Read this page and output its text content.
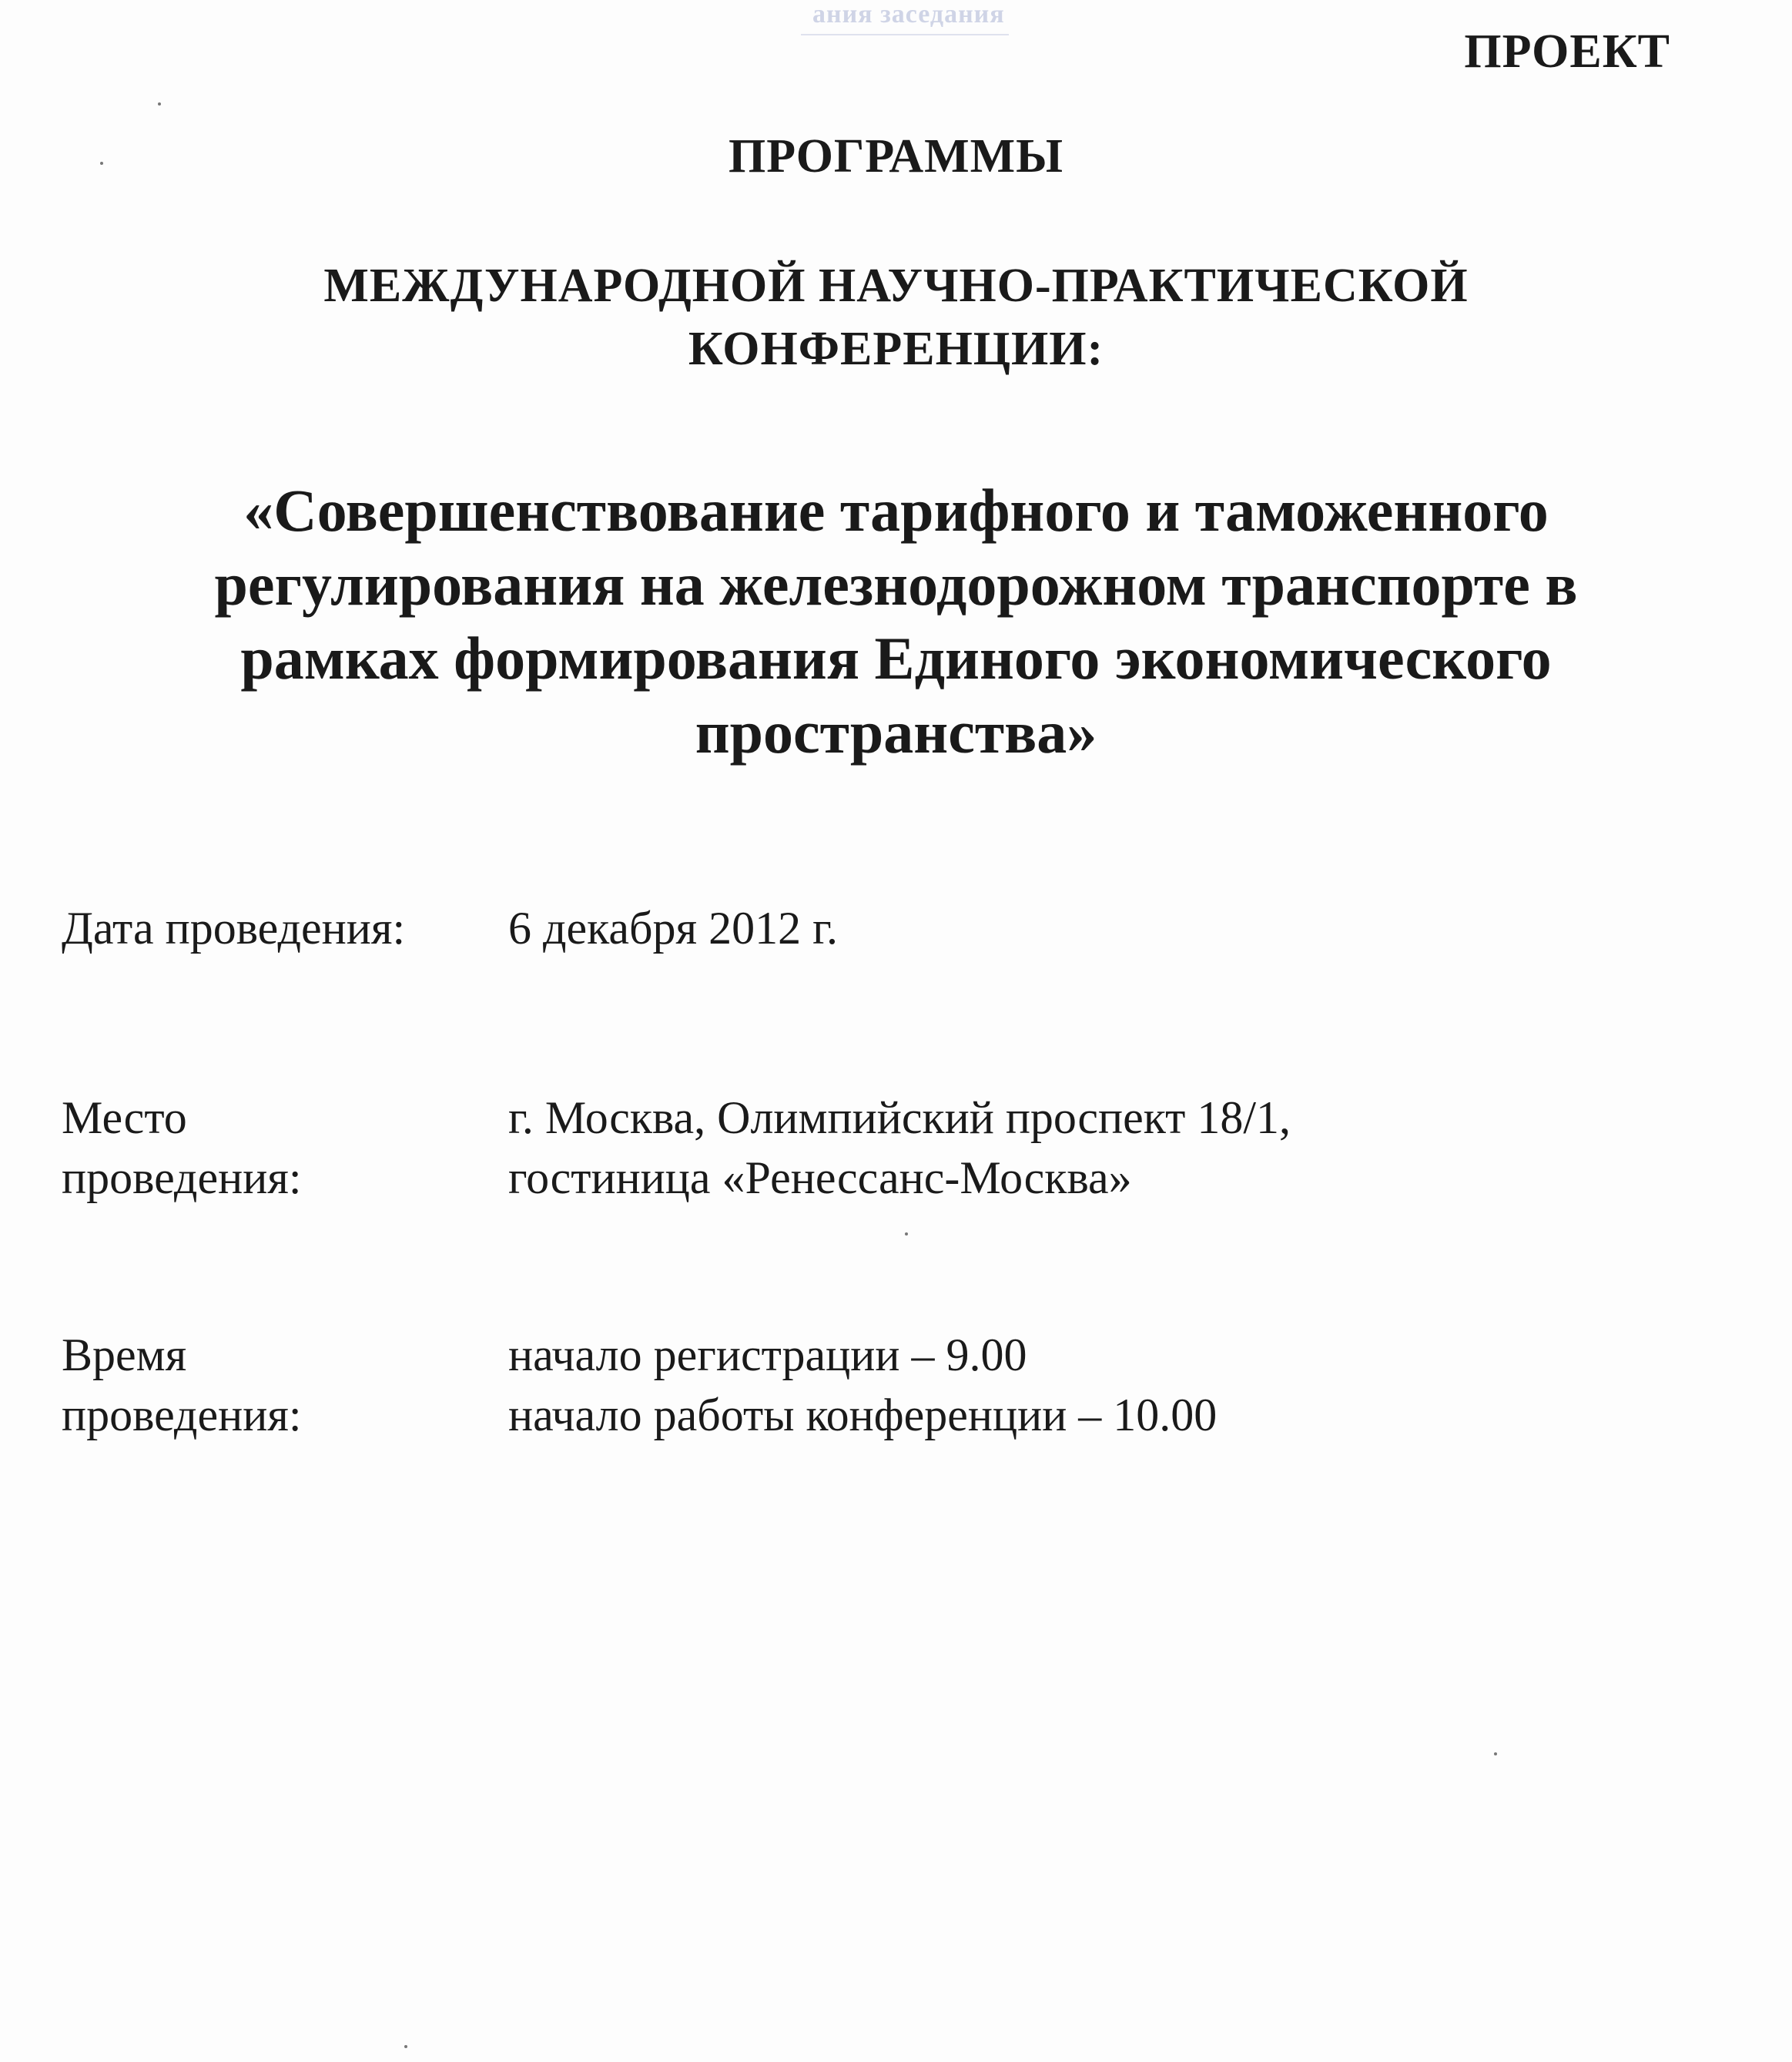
ания заседания
ПРОЕКТ
ПРОГРАММЫ
МЕЖДУНАРОДНОЙ НАУЧНО-ПРАКТИЧЕСКОЙ
КОНФЕРЕНЦИИ:
«Совершенствование тарифного и таможенного
регулирования на железнодорожном транспорте в
рамках формирования Единого экономического
пространства»
Дата проведения:	6 декабря 2012 г.
Место
проведения:
г. Москва, Олимпийский проспект 18/1,
гостиница «Ренессанс-Москва»
Время
проведения:
начало регистрации – 9.00
начало работы конференции – 10.00
